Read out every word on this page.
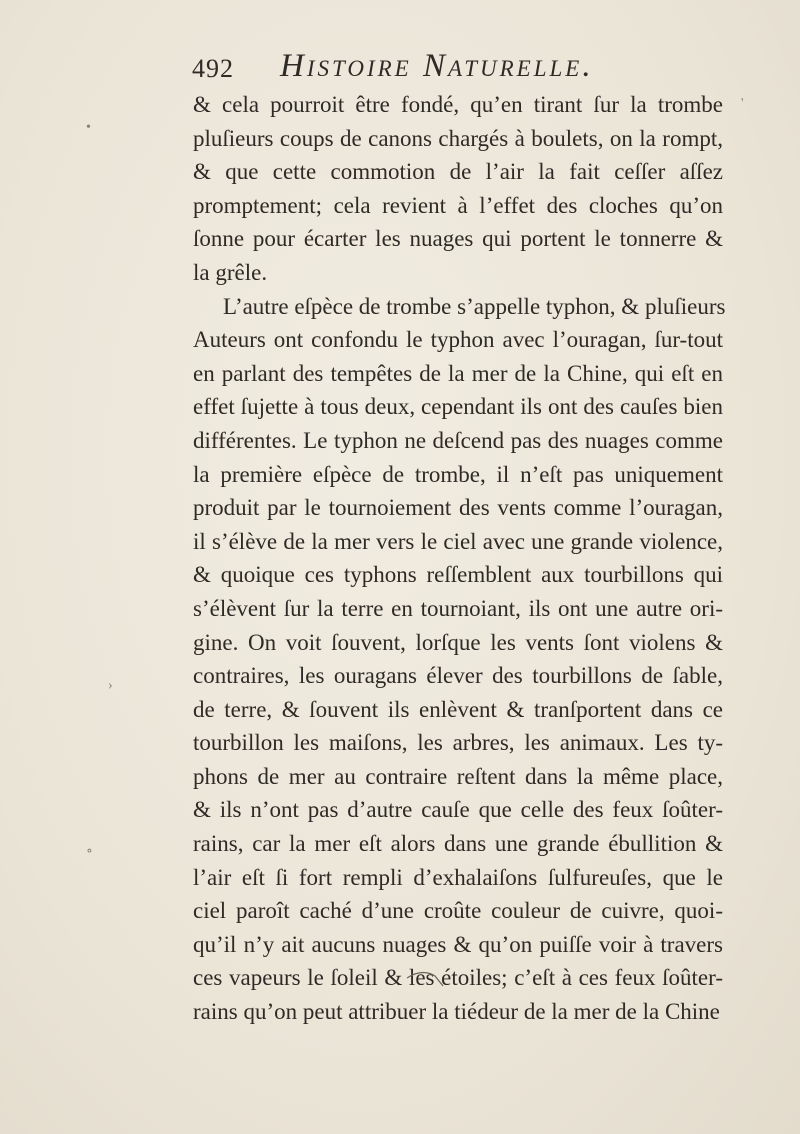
492 Histoire Naturelle.
& cela pourroit être fondé, qu’en tirant ſur la trombe
pluſieurs coups de canons chargés à boulets, on la rompt,
& que cette commotion de l’air la fait ceſſer aſſez
promptement; cela revient à l’effet des cloches qu’on
ſonne pour écarter les nuages qui portent le tonnerre &
la grêle.
L’autre eſpèce de trombe s’appelle typhon, & pluſieurs
Auteurs ont confondu le typhon avec l’ouragan, ſur-tout
en parlant des tempêtes de la mer de la Chine, qui eſt en
effet ſujette à tous deux, cependant ils ont des cauſes bien
différentes. Le typhon ne deſcend pas des nuages comme
la première eſpèce de trombe, il n’eſt pas uniquement
produit par le tournoiement des vents comme l’ouragan,
il s’élève de la mer vers le ciel avec une grande violence,
& quoique ces typhons reſſemblent aux tourbillons qui
s’élèvent ſur la terre en tournoiant, ils ont une autre ori-
gine. On voit ſouvent, lorſque les vents ſont violens &
contraires, les ouragans élever des tourbillons de ſable,
de terre, & ſouvent ils enlèvent & tranſportent dans ce
tourbillon les maiſons, les arbres, les animaux. Les ty-
phons de mer au contraire reſtent dans la même place,
& ils n’ont pas d’autre cauſe que celle des feux ſoûter-
rains, car la mer eſt alors dans une grande ébullition &
l’air eſt ſi fort rempli d’exhalaiſons ſulfureuſes, que le
ciel paroît caché d’une croûte couleur de cuivre, quoi-
qu’il n’y ait aucuns nuages & qu’on puiſſe voir à travers
ces vapeurs le ſoleil & les étoiles; c’eſt à ces feux ſoûter-
rains qu’on peut attribuer la tiédeur de la mer de la Chine
•
›
∘
'
